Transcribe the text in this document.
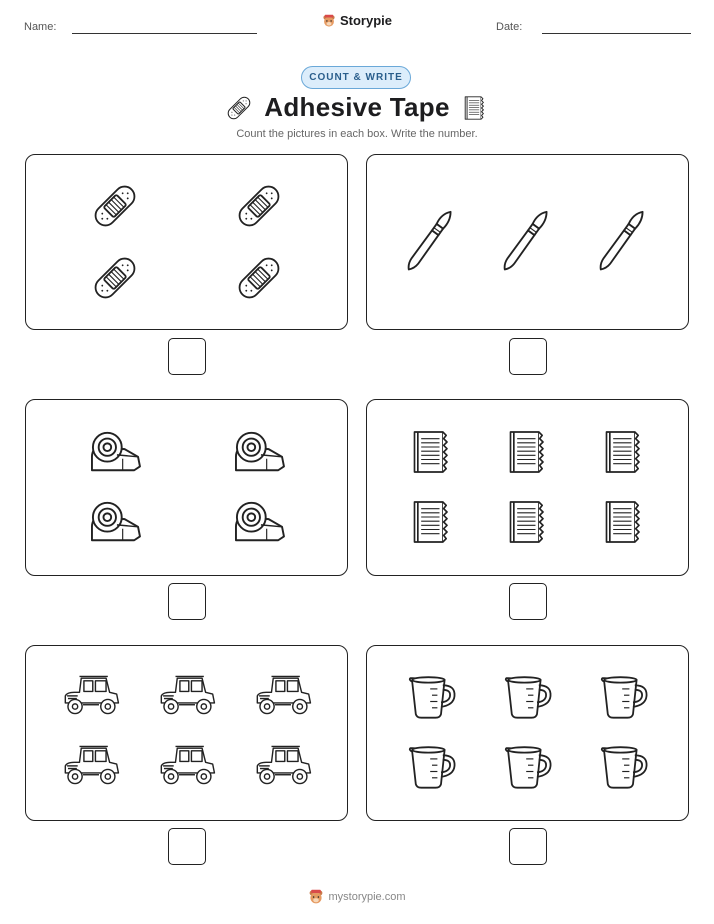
Name:	Storypie	Date:
COUNT & WRITE
Adhesive Tape
Count the pictures in each box. Write the number.
mystorypie.com
